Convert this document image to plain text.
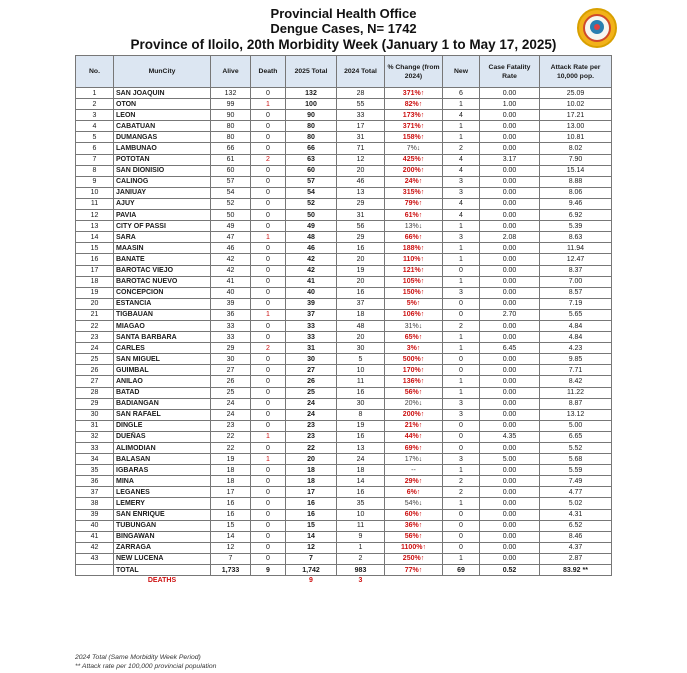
Provincial Health Office
Dengue Cases, N= 1742
Province of Iloilo, 20th Morbidity Week (January 1 to May 17, 2025)
No.	MunCity	Alive	Death	2025 Total	2024 Total	% Change (from 2024)	New	Case Fatality Rate	Attack Rate per 10,000 pop.
1	SAN JOAQUIN	132	0	132	28	371%↑	6	0.00	25.09
2	OTON	99	1	100	55	82%↑	1	1.00	10.02
3	LEON	90	0	90	33	173%↑	4	0.00	17.21
4	CABATUAN	80	0	80	17	371%↑	1	0.00	13.00
5	DUMANGAS	80	0	80	31	158%↑	1	0.00	10.81
6	LAMBUNAO	66	0	66	71	7%↓	2	0.00	8.02
7	POTOTAN	61	2	63	12	425%↑	4	3.17	7.90
8	SAN DIONISIO	60	0	60	20	200%↑	4	0.00	15.14
9	CALINOG	57	0	57	46	24%↑	3	0.00	8.88
10	JANIUAY	54	0	54	13	315%↑	3	0.00	8.06
11	AJUY	52	0	52	29	79%↑	4	0.00	9.46
12	PAVIA	50	0	50	31	61%↑	4	0.00	6.92
13	CITY OF PASSI	49	0	49	56	13%↓	1	0.00	5.39
14	SARA	47	1	48	29	66%↑	3	2.08	8.63
15	MAASIN	46	0	46	16	188%↑	1	0.00	11.94
16	BANATE	42	0	42	20	110%↑	1	0.00	12.47
17	BAROTAC VIEJO	42	0	42	19	121%↑	0	0.00	8.37
18	BAROTAC NUEVO	41	0	41	20	105%↑	1	0.00	7.00
19	CONCEPCION	40	0	40	16	150%↑	3	0.00	8.57
20	ESTANCIA	39	0	39	37	5%↑	0	0.00	7.19
21	TIGBAUAN	36	1	37	18	106%↑	0	2.70	5.65
22	MIAGAO	33	0	33	48	31%↓	2	0.00	4.84
23	SANTA BARBARA	33	0	33	20	65%↑	1	0.00	4.84
24	CARLES	29	2	31	30	3%↑	1	6.45	4.23
25	SAN MIGUEL	30	0	30	5	500%↑	0	0.00	9.85
26	GUIMBAL	27	0	27	10	170%↑	0	0.00	7.71
27	ANILAO	26	0	26	11	136%↑	1	0.00	8.42
28	BATAD	25	0	25	16	56%↑	1	0.00	11.22
29	BADIANGAN	24	0	24	30	20%↓	3	0.00	8.87
30	SAN RAFAEL	24	0	24	8	200%↑	3	0.00	13.12
31	DINGLE	23	0	23	19	21%↑	0	0.00	5.00
32	DUEÑAS	22	1	23	16	44%↑	0	4.35	6.65
33	ALIMODIAN	22	0	22	13	69%↑	0	0.00	5.52
34	BALASAN	19	1	20	24	17%↓	3	5.00	5.68
35	IGBARAS	18	0	18	18	--	1	0.00	5.59
36	MINA	18	0	18	14	29%↑	2	0.00	7.49
37	LEGANES	17	0	17	16	6%↑	2	0.00	4.77
38	LEMERY	16	0	16	35	54%↓	1	0.00	5.02
39	SAN ENRIQUE	16	0	16	10	60%↑	0	0.00	4.31
40	TUBUNGAN	15	0	15	11	36%↑	0	0.00	6.52
41	BINGAWAN	14	0	14	9	56%↑	0	0.00	8.46
42	ZARRAGA	12	0	12	1	1100%↑	0	0.00	4.37
43	NEW LUCENA	7	0	7	2	250%↑	1	0.00	2.87
	TOTAL	1,733	9	1,742	983	77%↑	69	0.52	83.92 **
	DEATHS			9	3				
2024 Total (Same Morbidity Week Period)
** Attack rate per 100,000 provincial population
